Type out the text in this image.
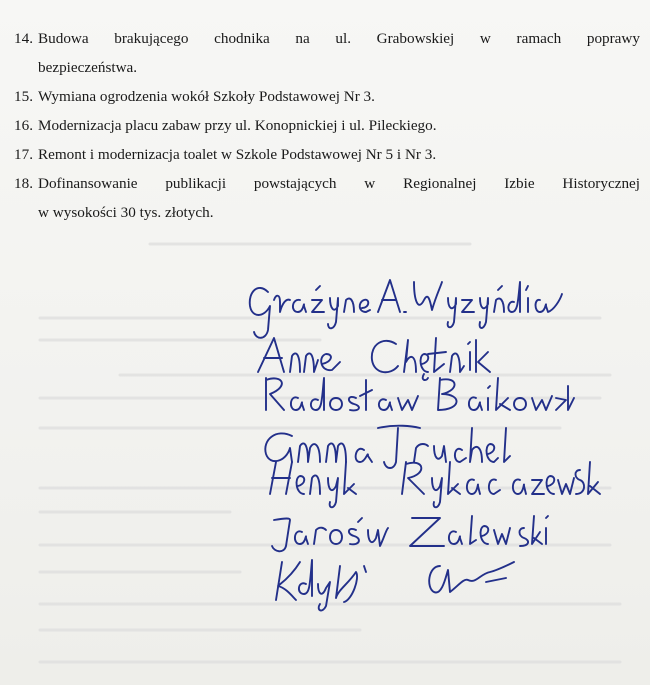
14. Budowa brakującego chodnika na ul. Grabowskiej w ramach poprawy
bezpieczeństwa.
15. Wymiana ogrodzenia wokół Szkoły Podstawowej Nr 3.
16. Modernizacja placu zabaw przy ul. Konopnickiej i ul. Pileckiego.
17. Remont i modernizacja toalet w Szkole Podstawowej Nr 5 i Nr 3.
18. Dofinansowanie publikacji powstających w Regionalnej Izbie Historycznej
w wysokości 30 tys. złotych.
